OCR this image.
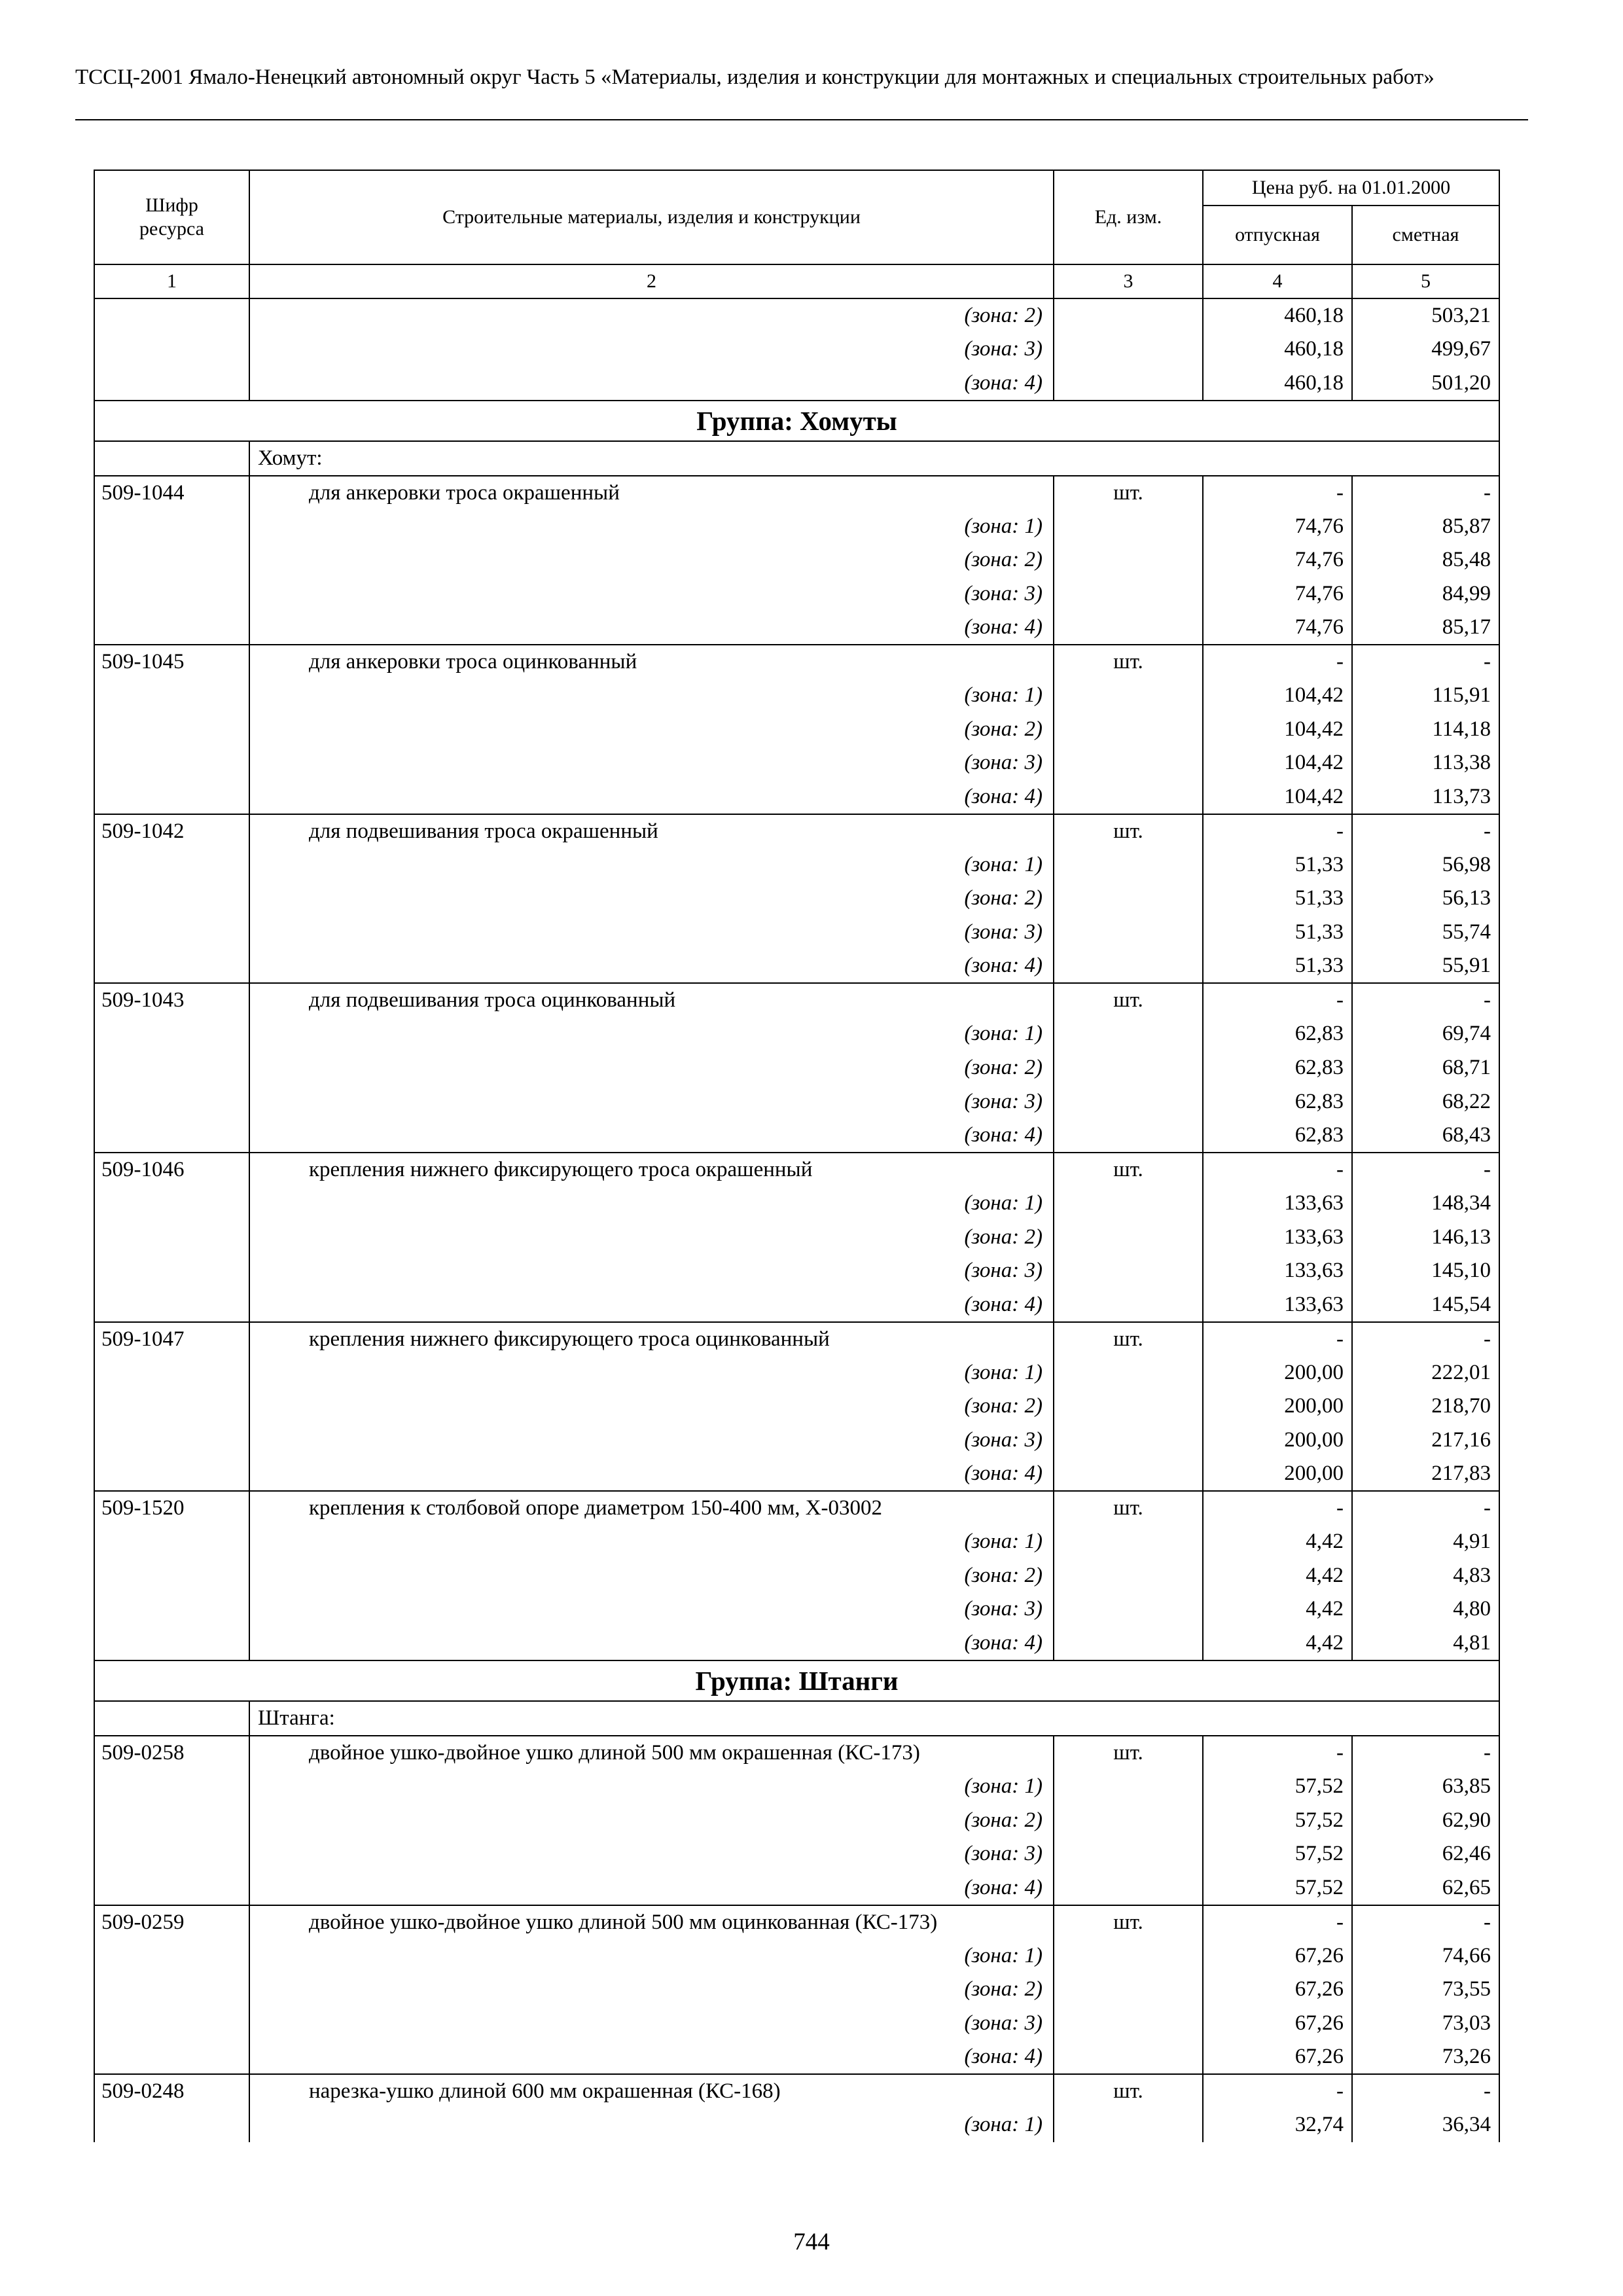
ТССЦ-2001 Ямало-Ненецкий автономный округ Часть 5 «Материалы, изделия и конструкции для монтажных и специальных строительных работ»
Шифр ресурса	Строительные материалы, изделия и конструкции	Ед. изм.	Цена руб. на 01.01.2000	
			отпускная	сметная
1	2	3	4	5
	(зона: 2)		460,18	503,21
	(зона: 3)		460,18	499,67
	(зона: 4)		460,18	501,20
Группа: Хомуты				
	Хомут:			
509-1044	для анкеровки троса окрашенный	шт.	-	-
	(зона: 1)		74,76	85,87
	(зона: 2)		74,76	85,48
	(зона: 3)		74,76	84,99
	(зона: 4)		74,76	85,17
509-1045	для анкеровки троса оцинкованный	шт.	-	-
	(зона: 1)		104,42	115,91
	(зона: 2)		104,42	114,18
	(зона: 3)		104,42	113,38
	(зона: 4)		104,42	113,73
509-1042	для подвешивания троса окрашенный	шт.	-	-
	(зона: 1)		51,33	56,98
	(зона: 2)		51,33	56,13
	(зона: 3)		51,33	55,74
	(зона: 4)		51,33	55,91
509-1043	для подвешивания троса оцинкованный	шт.	-	-
	(зона: 1)		62,83	69,74
	(зона: 2)		62,83	68,71
	(зона: 3)		62,83	68,22
	(зона: 4)		62,83	68,43
509-1046	крепления нижнего фиксирующего троса окрашенный	шт.	-	-
	(зона: 1)		133,63	148,34
	(зона: 2)		133,63	146,13
	(зона: 3)		133,63	145,10
	(зона: 4)		133,63	145,54
509-1047	крепления нижнего фиксирующего троса оцинкованный	шт.	-	-
	(зона: 1)		200,00	222,01
	(зона: 2)		200,00	218,70
	(зона: 3)		200,00	217,16
	(зона: 4)		200,00	217,83
509-1520	крепления к столбовой опоре диаметром 150-400 мм, Х-03002	шт.	-	-
	(зона: 1)		4,42	4,91
	(зона: 2)		4,42	4,83
	(зона: 3)		4,42	4,80
	(зона: 4)		4,42	4,81
Группа: Штанги				
	Штанга:			
509-0258	двойное ушко-двойное ушко длиной 500 мм окрашенная (КС-173)	шт.	-	-
	(зона: 1)		57,52	63,85
	(зона: 2)		57,52	62,90
	(зона: 3)		57,52	62,46
	(зона: 4)		57,52	62,65
509-0259	двойное ушко-двойное ушко длиной 500 мм оцинкованная (КС-173)	шт.	-	-
	(зона: 1)		67,26	74,66
	(зона: 2)		67,26	73,55
	(зона: 3)		67,26	73,03
	(зона: 4)		67,26	73,26
509-0248	нарезка-ушко длиной 600 мм окрашенная (КС-168)	шт.	-	-
	(зона: 1)		32,74	36,34
744
